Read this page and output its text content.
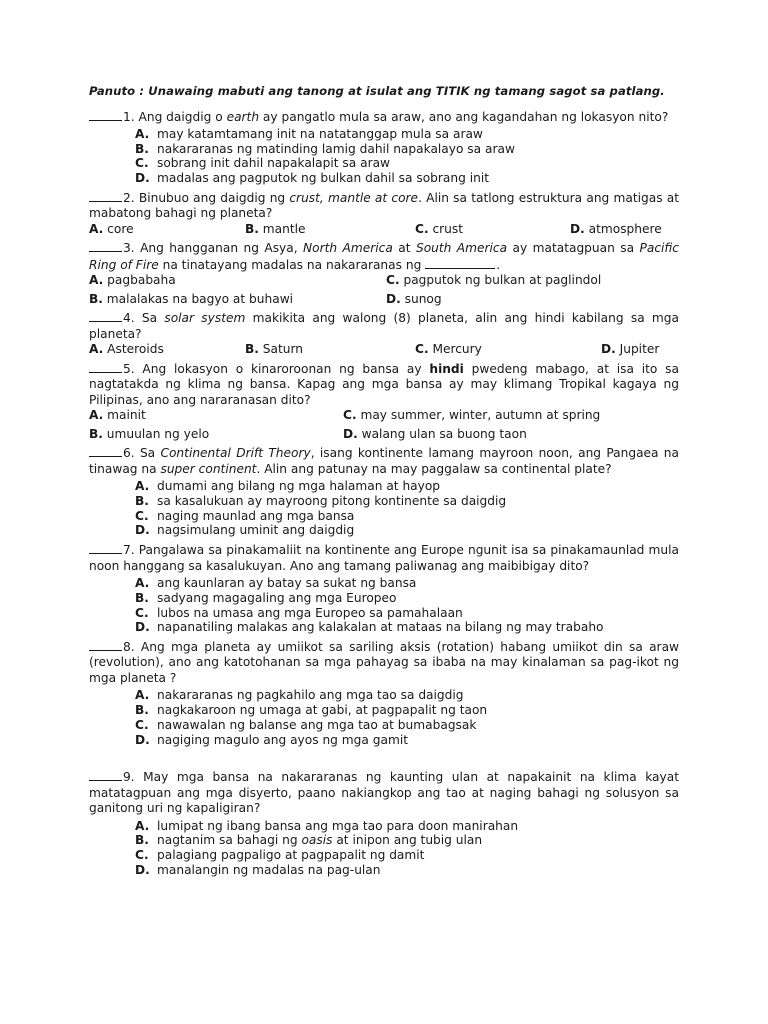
Panuto : Unawaing mabuti ang tanong at isulat ang TITIK ng tamang sagot sa patlang.

1. Ang daigdig o earth ay pangatlo mula sa araw, ano ang kagandahan ng lokasyon nito?

A. may katamtamang init na natatanggap mula sa araw
B. nakararanas ng matinding lamig dahil napakalayo sa araw
C. sobrang init dahil napakalapit sa araw
D. madalas ang pagputok ng bulkan dahil sa sobrang init

2. Binubuo ang daigdig ng crust, mantle at core. Alin sa tatlong estruktura ang matigas at mabatong bahagi ng planeta?

A. core	B. mantle	C. crust	D. atmosphere

3. Ang hangganan ng Asya, North America at South America ay matatagpuan sa Pacific Ring of Fire na tinatayang madalas na nakararanas ng	.

A. pagbabaha	C. pagputok ng bulkan at paglindol
B. malalakas na bagyo at buhawi	D. sunog

4. Sa solar system makikita ang walong (8) planeta, alin ang hindi kabilang sa mga planeta?

A. Asteroids	B. Saturn	C. Mercury	D. Jupiter

5. Ang lokasyon o kinaroroonan ng bansa ay hindi pwedeng mabago, at isa ito sa nagtatakda ng klima ng bansa. Kapag ang mga bansa ay may klimang Tropikal kagaya ng Pilipinas, ano ang nararanasan dito?

A. mainit	C. may summer, winter, autumn at spring
B. umuulan ng yelo	D. walang ulan sa buong taon

6. Sa Continental Drift Theory, isang kontinente lamang mayroon noon, ang Pangaea na tinawag na super continent. Alin ang patunay na may paggalaw sa continental plate?

A. dumami ang bilang ng mga halaman at hayop
B. sa kasalukuan ay mayroong pitong kontinente sa daigdig
C. naging maunlad ang mga bansa
D. nagsimulang uminit ang daigdig

7. Pangalawa sa pinakamaliit na kontinente ang Europe ngunit isa sa pinakamaunlad mula noon hanggang sa kasalukuyan. Ano ang tamang paliwanag ang maibibigay dito?

A. ang kaunlaran ay batay sa sukat ng bansa
B. sadyang magagaling ang mga Europeo
C. lubos na umasa ang mga Europeo sa pamahalaan
D. napanatiling malakas ang kalakalan at mataas na bilang ng may trabaho

8. Ang mga planeta ay umiikot sa sariling aksis (rotation) habang umiikot din sa araw (revolution), ano ang katotohanan sa mga pahayag sa ibaba na may kinalaman sa pag-ikot ng mga planeta ?

A. nakararanas ng pagkahilo ang mga tao sa daigdig
B. nagkakaroon ng umaga at gabi, at pagpapalit ng taon
C. nawawalan ng balanse ang mga tao at bumabagsak
D. nagiging magulo ang ayos ng mga gamit

9. May mga bansa na nakararanas ng kaunting ulan at napakainit na klima kayat matatagpuan ang mga disyerto, paano nakiangkop ang tao at naging bahagi ng solusyon sa ganitong uri ng kapaligiran?

A. lumipat ng ibang bansa ang mga tao para doon manirahan
B. nagtanim sa bahagi ng oasis at inipon ang tubig ulan
C. palagiang pagpaligo at pagpapalit ng damit
D. manalangin ng madalas na pag-ulan
